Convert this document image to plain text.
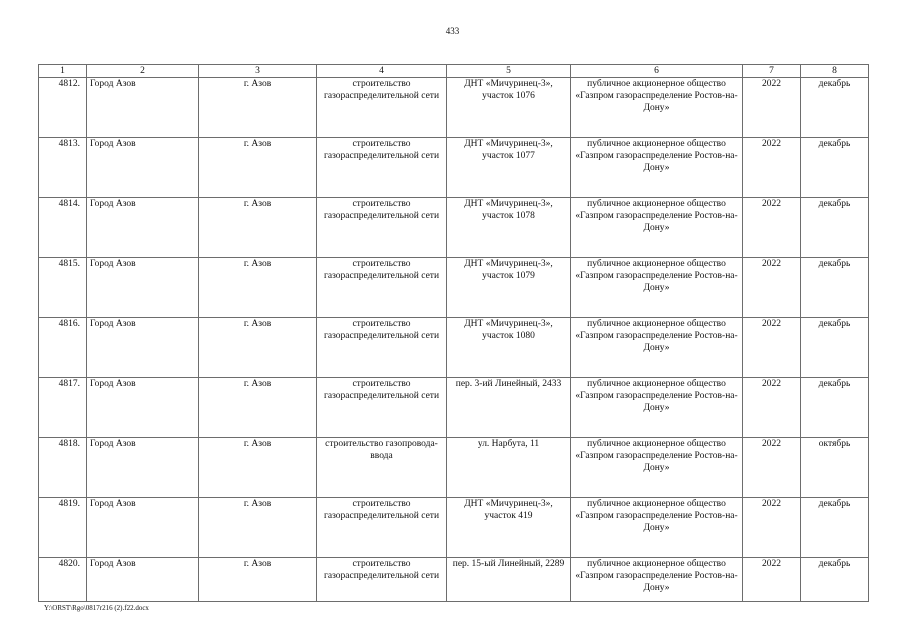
433
1	2	3	4	5	6	7	8
4812.	Город Азов	г. Азов	строительство газораспределительной сети	ДНТ «Мичуринец-3», участок 1076	публичное акционерное общество «Газпром газораспределение Ростов-на-Дону»	2022	декабрь
4813.	Город Азов	г. Азов	строительство газораспределительной сети	ДНТ «Мичуринец-3», участок 1077	публичное акционерное общество «Газпром газораспределение Ростов-на-Дону»	2022	декабрь
4814.	Город Азов	г. Азов	строительство газораспределительной сети	ДНТ «Мичуринец-3», участок 1078	публичное акционерное общество «Газпром газораспределение Ростов-на-Дону»	2022	декабрь
4815.	Город Азов	г. Азов	строительство газораспределительной сети	ДНТ «Мичуринец-3», участок 1079	публичное акционерное общество «Газпром газораспределение Ростов-на-Дону»	2022	декабрь
4816.	Город Азов	г. Азов	строительство газораспределительной сети	ДНТ «Мичуринец-3», участок 1080	публичное акционерное общество «Газпром газораспределение Ростов-на-Дону»	2022	декабрь
4817.	Город Азов	г. Азов	строительство газораспределительной сети	пер. 3-ий Линейный, 2433	публичное акционерное общество «Газпром газораспределение Ростов-на-Дону»	2022	декабрь
4818.	Город Азов	г. Азов	строительство газопровода-ввода	ул. Нарбута, 11	публичное акционерное общество «Газпром газораспределение Ростов-на-Дону»	2022	октябрь
4819.	Город Азов	г. Азов	строительство газораспределительной сети	ДНТ «Мичуринец-3», участок 419	публичное акционерное общество «Газпром газораспределение Ростов-на-Дону»	2022	декабрь
4820.	Город Азов	г. Азов	строительство газораспределительной сети	пер. 15-ый Линейный, 2289	публичное акционерное общество «Газпром газораспределение Ростов-на-Дону»	2022	декабрь
Y:\ORST\Rgo\0817r216 (2).f22.docx
